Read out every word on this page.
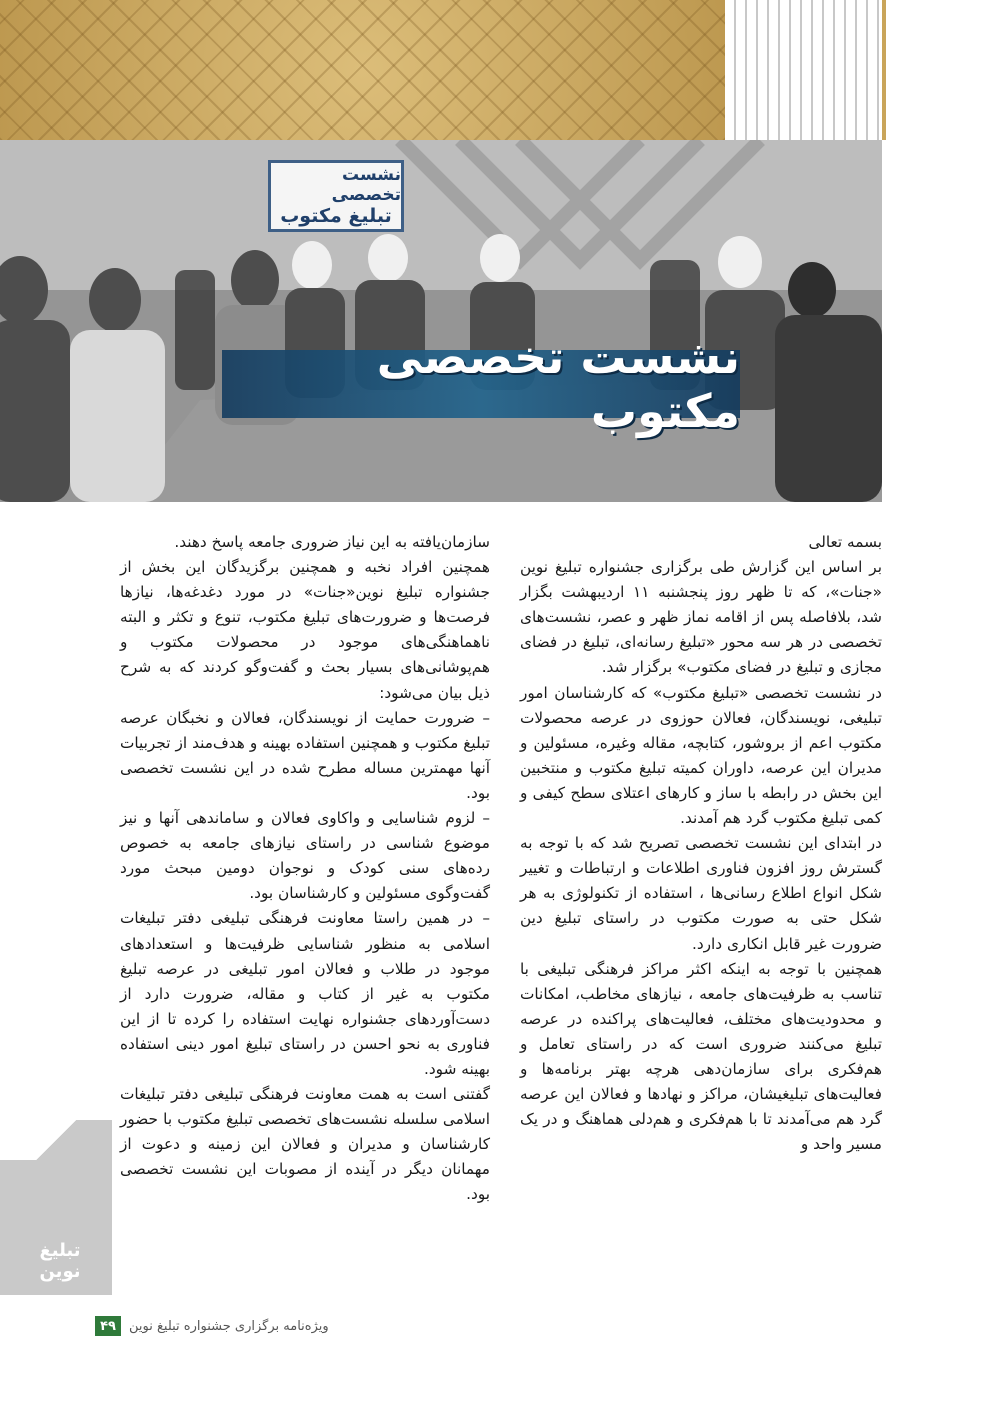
نشست تخصصی
تبلیغ مکتوب
نشست تخصصی مکتوب

بسمه تعالی

بر اساس این گزارش طی برگزاری جشنواره تبلیغ نوین «جنات»، که تا ظهر روز پنجشنبه ۱۱ اردیبهشت بگزار شد، بلافاصله پس از اقامه نماز ظهر و عصر، نشست‌های تخصصی در هر سه محور «تبلیغ رسانه‌ای، تبلیغ در فضای مجازی و تبلیغ در فضای مکتوب» برگزار شد.

در نشست تخصصی «تبلیغ مکتوب» که کارشناسان امور تبلیغی، نویسندگان، فعالان حوزوی در عرصه محصولات مکتوب اعم از بروشور، کتابچه، مقاله وغیره، مسئولین و مدیران این عرصه، داوران کمیته تبلیغ مکتوب و منتخبین این بخش در رابطه با ساز و کارهای اعتلای سطح کیفی و کمی تبلیغ مکتوب گرد هم آمدند.

در ابتدای این نشست تخصصی تصریح شد که با توجه به گسترش روز افزون فناوری اطلاعات و ارتباطات و تغییر شکل انواع اطلاع رسانی‌ها ، استفاده از تکنولوژی به هر شکل حتی به صورت مکتوب در راستای تبلیغ دین ضرورت غیر قابل انکاری دارد.

همچنین با توجه به اینکه اکثر مراکز فرهنگی تبلیغی با تناسب به ظرفیت‌های جامعه ، نیازهای مخاطب، امکانات و محدودیت‌های مختلف، فعالیت‌های پراکنده در عرصه تبلیغ می‌کنند ضروری است که در راستای تعامل و هم‌فکری برای سازمان‌دهی هرچه بهتر برنامه‌ها و فعالیت‌های تبلیغیشان، مراکز و نهادها و فعالان این عرصه گرد هم می‌آمدند تا با هم‌فکری و هم‌دلی هماهنگ و در یک مسیر واحد و

سازمان‌یافته به این نیاز ضروری جامعه پاسخ دهند.

همچنین افراد نخبه و همچنین برگزیدگان این بخش از جشنواره تبلیغ نوین«جنات» در مورد دغدغه‌ها، نیازها فرصت‌ها و ضرورت‌های تبلیغ مکتوب، تنوع و تکثر و البته ناهماهنگی‌های موجود در محصولات مکتوب و هم‌پوشانی‌های بسیار بحث و گفت‌وگو کردند که به شرح ذیل بیان می‌شود:

– ضرورت حمایت از نویسندگان، فعالان و نخبگان عرصه تبلیغ مکتوب و همچنین استفاده بهینه و هدف‌مند از تجربیات آنها مهمترین مساله مطرح شده در این نشست تخصصی بود.

– لزوم شناسایی و واکاوی فعالان و ساماندهی آنها و نیز موضوع شناسی در راستای نیازهای جامعه به خصوص رده‌های سنی کودک و نوجوان دومین مبحث مورد گفت‌وگوی مسئولین و کارشناسان بود.

– در همین راستا معاونت فرهنگی تبلیغی دفتر تبلیغات اسلامی به منظور شناسایی ظرفیت‌ها و استعدادهای موجود در طلاب و فعالان امور تبلیغی در عرصه تبلیغ مکتوب به غیر از کتاب و مقاله، ضرورت دارد از دست‌آوردهای جشنواره نهایت استفاده را کرده تا از این فناوری به نحو احسن در راستای تبلیغ امور دینی استفاده بهینه شود.

گفتنی است به همت معاونت فرهنگی تبلیغی دفتر تبلیغات اسلامی سلسله نشست‌های تخصصی تبلیغ مکتوب با حضور کارشناسان و مدیران و فعالان این زمینه و دعوت از مهمانان دیگر در آینده از مصوبات این نشست تخصصی بود.

تبلیغ نوین
۴۹	ویژه‌نامه برگزاری جشنواره تبلیغ نوین
